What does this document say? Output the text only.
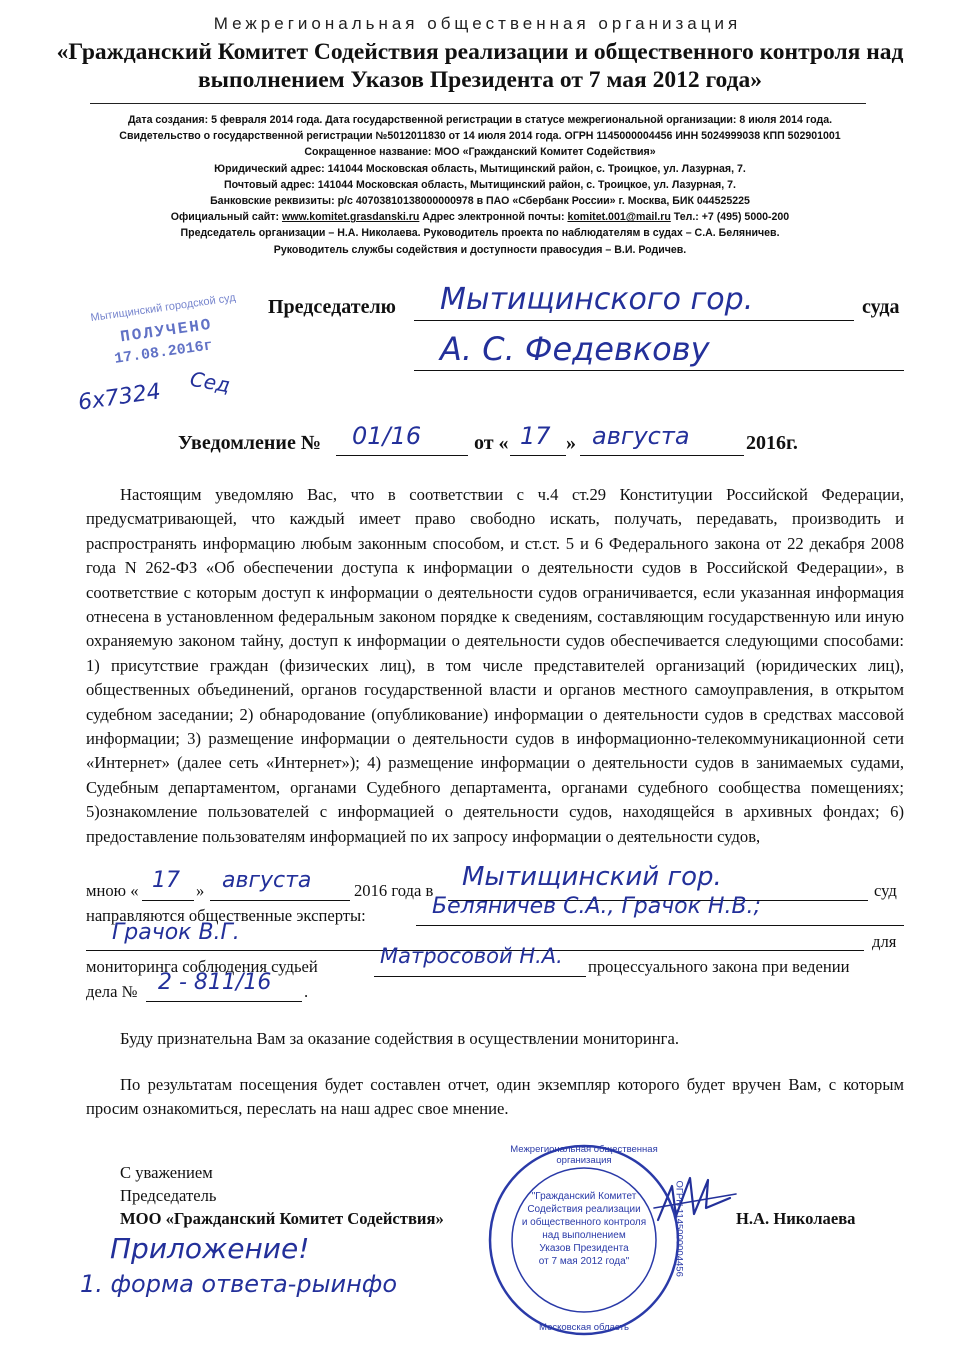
Межрегиональная общественная организация
«Гражданский Комитет Содействия реализации и общественного контроля над выполнением Указов Президента от 7 мая 2012 года»
Дата создания: 5 февраля 2014 года. Дата государственной регистрации в статусе межрегиональной организации: 8 июля 2014 года.
Свидетельство о государственной регистрации №5012011830 от 14 июля 2014 года. ОГРН 1145000004456 ИНН 5024999038 КПП 502901001
Сокращенное название: МОО «Гражданский Комитет Содействия»
Юридический адрес: 141044 Московская область, Мытищинский район, с. Троицкое, ул. Лазурная, 7.
Почтовый адрес: 141044 Московская область, Мытищинский район, с. Троицкое, ул. Лазурная, 7.
Банковские реквизиты: р/с 40703810138000000978 в ПАО «Сбербанк России» г. Москва, БИК 044525225
Официальный сайт: www.komitet.grasdanski.ru Адрес электронной почты: komitet.001@mail.ru Тел.: +7 (495) 5000-200
Председатель организации – Н.А. Николаева. Руководитель проекта по наблюдателям в судах – С.А. Беляничев.
Руководитель службы содействия и доступности правосудия – В.И. Родичев.
Мытищинский городской суд
ПОЛУЧЕНО
17.08.2016г
6х7324 Сед
Председателю Мытищинского гор.	суда
А. С. Федевкову
Уведомление № 01/16	от « 17 » августа	2016г.
Настоящим уведомляю Вас, что в соответствии с ч.4 ст.29 Конституции Российской Федерации, предусматривающей, что каждый имеет право свободно искать, получать, передавать, производить и распространять информацию любым законным способом, и ст.ст. 5 и 6 Федерального закона от 22 декабря 2008 года N 262-ФЗ «Об обеспечении доступа к информации о деятельности судов в Российской Федерации», в соответствие с которым доступ к информации о деятельности судов ограничивается, если указанная информация отнесена в установленном федеральным законом порядке к сведениям, составляющим государственную или иную охраняемую законом тайну, доступ к информации о деятельности судов обеспечивается следующими способами: 1) присутствие граждан (физических лиц), в том числе представителей организаций (юридических лиц), общественных объединений, органов государственной власти и органов местного самоуправления, в открытом судебном заседании; 2) обнародование (опубликование) информации о деятельности судов в средствах массовой информации; 3) размещение информации о деятельности судов в информационно-телекоммуникационной сети «Интернет» (далее сеть «Интернет»); 4) размещение информации о деятельности судов в занимаемых судами, Судебным департаментом, органами Судебного департамента, органами судебного сообщества помещениях; 5)ознакомление пользователей с информацией о деятельности судов, находящейся в архивных фондах; 6) предоставление пользователям информацией по их запросу информации о деятельности судов,
мною « 17 » августа	2016 года в Мытищинский гор.	суд
направляются общественные эксперты:	Беляничев С.А., Грачок Н.В.;
Грачок В.Г.	для
мониторинга соблюдения судьей	Матросовой Н.А. процессуального закона при ведении
дела № 2 - 811/16 .
Буду признательна Вам за оказание содействия в осуществлении мониторинга.
По результатам посещения будет составлен отчет, один экземпляр которого будет вручен Вам, с которым просим ознакомиться, переслать на наш адрес свое мнение.
С уважением
Председатель
МОО «Гражданский Комитет Содействия»	Н.А. Николаева
Межрегиональная общественная организация
ОГРН 1145000004456
Московская область
"Гражданский Комитет
Содействия реализации
и общественного контроля
над выполнением
Указов Президента
от 7 мая 2012 года"
Приложение!
1. форма ответа-рыинфо
